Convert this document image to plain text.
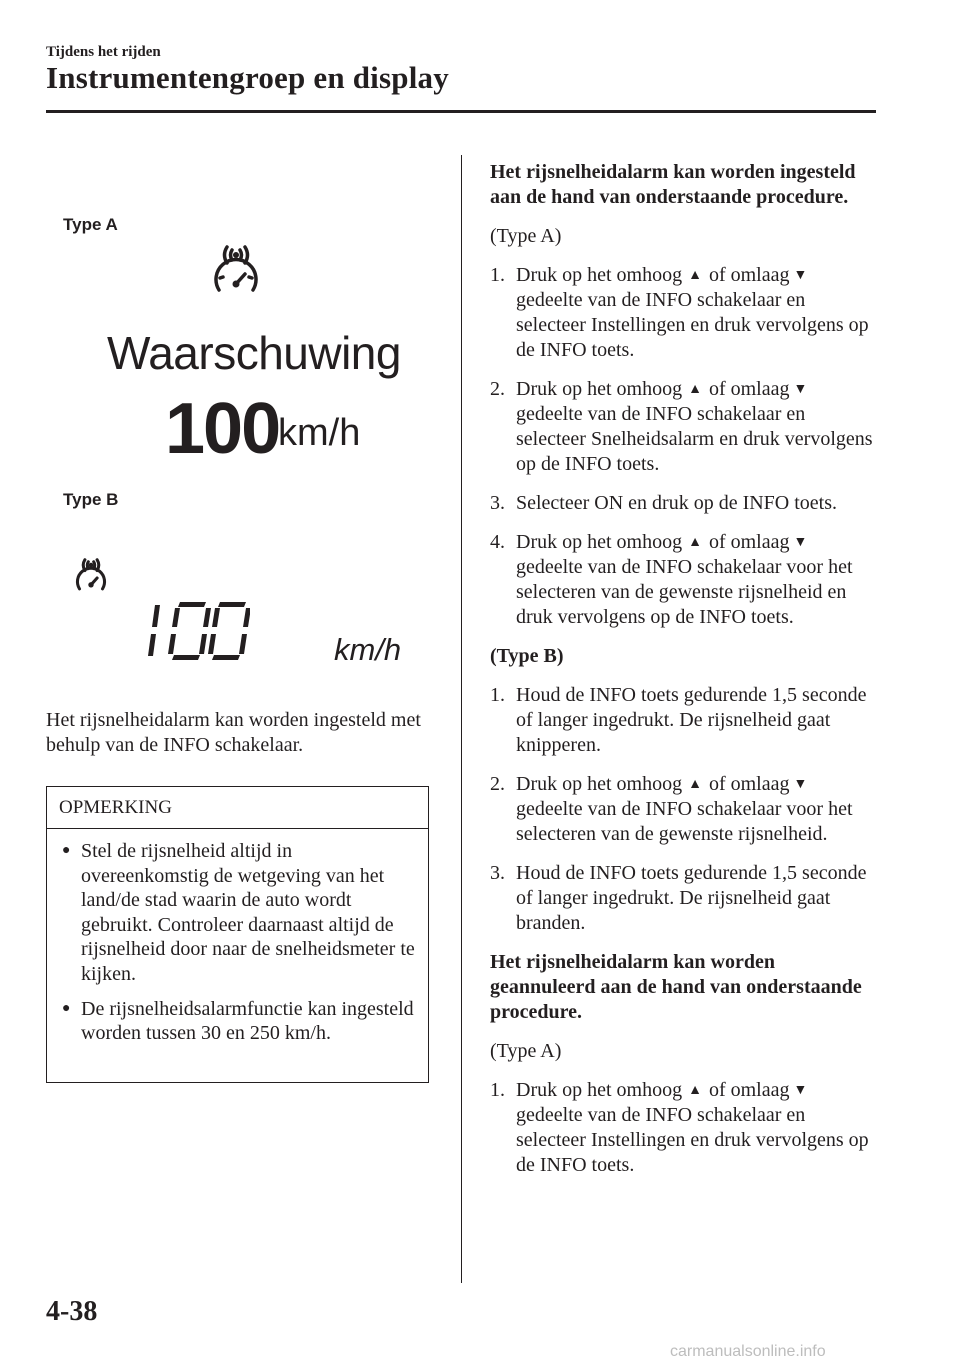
Tijdens het rijden
Instrumentengroep en display
Type A
Waarschuwing
100
km/h
Type B
km/h
Het rijsnelheidalarm kan worden ingesteld met behulp van de INFO schakelaar.
OPMERKING
● Stel de rijsnelheid altijd in overeenkomstig de wetgeving van het land/de stad waarin de auto wordt gebruikt. Controleer daarnaast altijd de rijsnelheid door naar de snelheidsmeter te kijken.
● De rijsnelheidsalarmfunctie kan ingesteld worden tussen 30 en 250 km/h.
Het rijsnelheidalarm kan worden ingesteld aan de hand van onderstaande procedure.
(Type A)
1. Druk op het omhoog ▲ of omlaag ▼ gedeelte van de INFO schakelaar en selecteer Instellingen en druk vervolgens op de INFO toets.
2. Druk op het omhoog ▲ of omlaag ▼ gedeelte van de INFO schakelaar en selecteer Snelheidsalarm en druk vervolgens op de INFO toets.
3. Selecteer ON en druk op de INFO toets.
4. Druk op het omhoog ▲ of omlaag ▼ gedeelte van de INFO schakelaar voor het selecteren van de gewenste rijsnelheid en druk vervolgens op de INFO toets.
(Type B)
1. Houd de INFO toets gedurende 1,5 seconde of langer ingedrukt. De rijsnelheid gaat knipperen.
2. Druk op het omhoog ▲ of omlaag ▼ gedeelte van de INFO schakelaar voor het selecteren van de gewenste rijsnelheid.
3. Houd de INFO toets gedurende 1,5 seconde of langer ingedrukt. De rijsnelheid gaat branden.
Het rijsnelheidalarm kan worden geannuleerd aan de hand van onderstaande procedure.
(Type A)
1. Druk op het omhoog ▲ of omlaag ▼ gedeelte van de INFO schakelaar en selecteer Instellingen en druk vervolgens op de INFO toets.
4-38
carmanualsonline.info
